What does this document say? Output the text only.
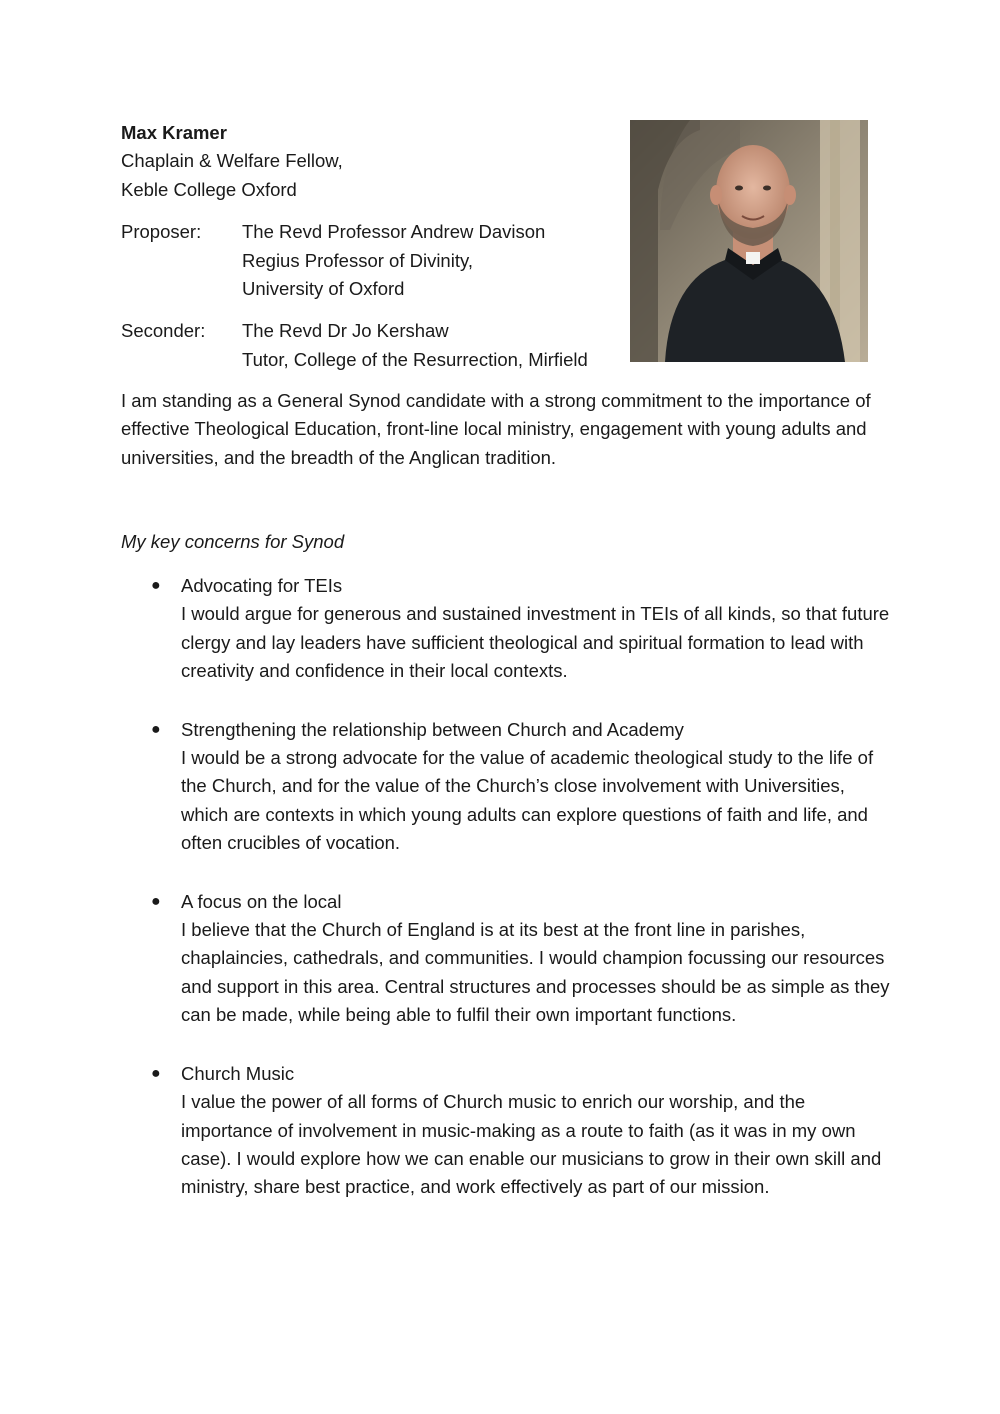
Max Kramer
Chaplain & Welfare Fellow,
Keble College Oxford
Proposer:	The Revd Professor Andrew Davison
Regius Professor of Divinity,
University of Oxford
Seconder:	The Revd Dr Jo Kershaw
Tutor, College of the Resurrection, Mirfield

I am standing as a General Synod candidate with a strong commitment to the importance of effective Theological Education, front-line local ministry, engagement with young adults and universities, and the breadth of the Anglican tradition.

My key concerns for Synod
● Advocating for TEIs
I would argue for generous and sustained investment in TEIs of all kinds, so that future clergy and lay leaders have sufficient theological and spiritual formation to lead with creativity and confidence in their local contexts.
● Strengthening the relationship between Church and Academy
I would be a strong advocate for the value of academic theological study to the life of the Church, and for the value of the Church’s close involvement with Universities, which are contexts in which young adults can explore questions of faith and life, and often crucibles of vocation.
● A focus on the local
I believe that the Church of England is at its best at the front line in parishes, chaplaincies, cathedrals, and communities. I would champion focussing our resources and support in this area. Central structures and processes should be as simple as they can be made, while being able to fulfil their own important functions.
● Church Music
I value the power of all forms of Church music to enrich our worship, and the importance of involvement in music-making as a route to faith (as it was in my own case). I would explore how we can enable our musicians to grow in their own skill and ministry, share best practice, and work effectively as part of our mission.
